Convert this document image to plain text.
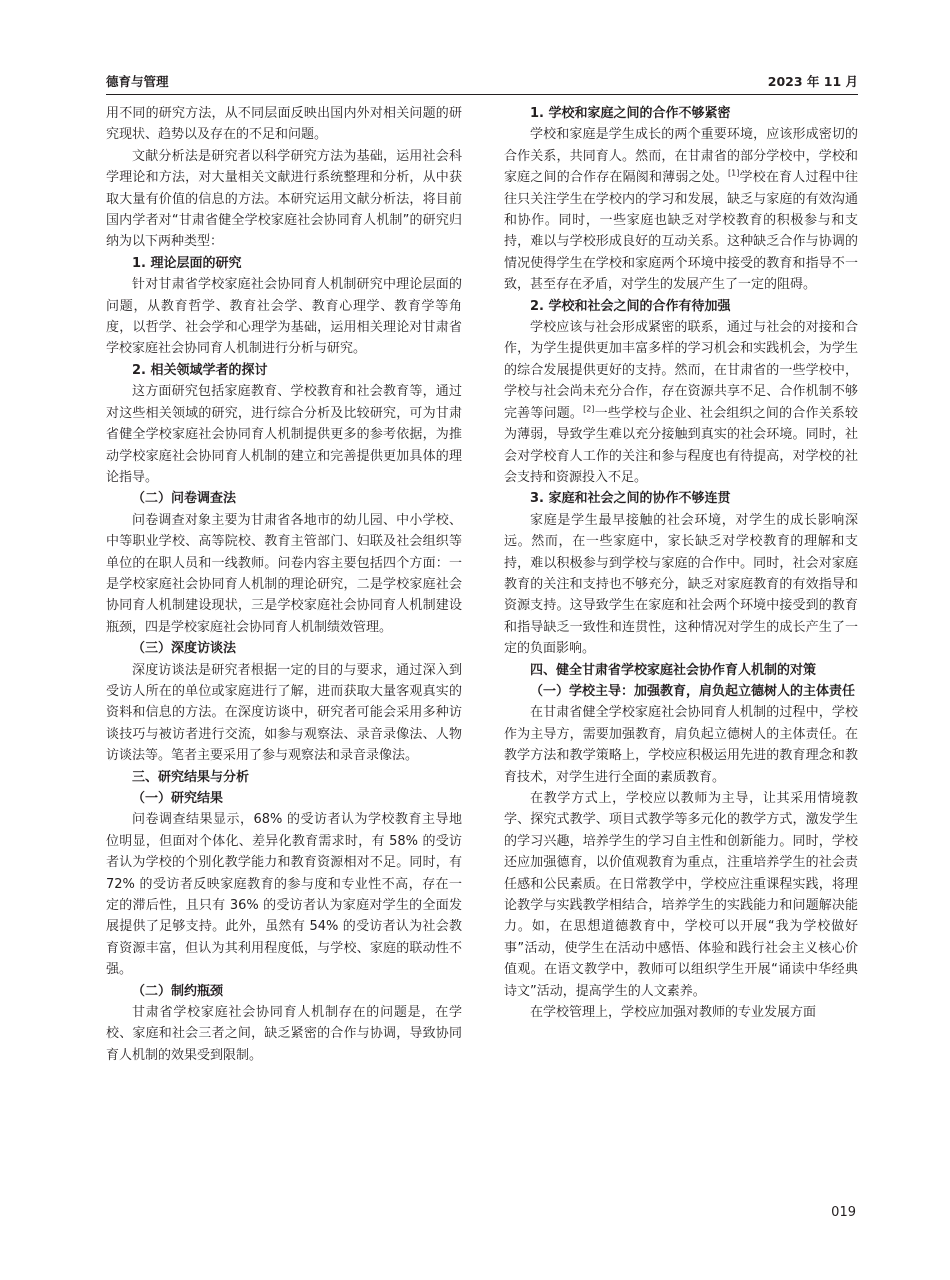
德育与管理	2023 年 11 月

用不同的研究方法，从不同层面反映出国内外对相关问题的研究现状、趋势以及存在的不足和问题。

文献分析法是研究者以科学研究方法为基础，运用社会科学理论和方法，对大量相关文献进行系统整理和分析，从中获取大量有价值的信息的方法。本研究运用文献分析法，将目前国内学者对“甘肃省健全学校家庭社会协同育人机制”的研究归纳为以下两种类型：

1. 理论层面的研究

针对甘肃省学校家庭社会协同育人机制研究中理论层面的问题，从教育哲学、教育社会学、教育心理学、教育学等角度，以哲学、社会学和心理学为基础，运用相关理论对甘肃省学校家庭社会协同育人机制进行分析与研究。

2. 相关领域学者的探讨

这方面研究包括家庭教育、学校教育和社会教育等，通过对这些相关领域的研究，进行综合分析及比较研究，可为甘肃省健全学校家庭社会协同育人机制提供更多的参考依据，为推动学校家庭社会协同育人机制的建立和完善提供更加具体的理论指导。

（二）问卷调查法

问卷调查对象主要为甘肃省各地市的幼儿园、中小学校、中等职业学校、高等院校、教育主管部门、妇联及社会组织等单位的在职人员和一线教师。问卷内容主要包括四个方面：一是学校家庭社会协同育人机制的理论研究，二是学校家庭社会协同育人机制建设现状，三是学校家庭社会协同育人机制建设瓶颈，四是学校家庭社会协同育人机制绩效管理。

（三）深度访谈法

深度访谈法是研究者根据一定的目的与要求，通过深入到受访人所在的单位或家庭进行了解，进而获取大量客观真实的资料和信息的方法。在深度访谈中，研究者可能会采用多种访谈技巧与被访者进行交流，如参与观察法、录音录像法、人物访谈法等。笔者主要采用了参与观察法和录音录像法。

三、研究结果与分析
（一）研究结果

问卷调查结果显示，68% 的受访者认为学校教育主导地位明显，但面对个体化、差异化教育需求时，有 58% 的受访者认为学校的个别化教学能力和教育资源相对不足。同时，有 72% 的受访者反映家庭教育的参与度和专业性不高，存在一定的滞后性，且只有 36% 的受访者认为家庭对学生的全面发展提供了足够支持。此外，虽然有 54% 的受访者认为社会教育资源丰富，但认为其利用程度低，与学校、家庭的联动性不强。

（二）制约瓶颈

甘肃省学校家庭社会协同育人机制存在的问题是，在学校、家庭和社会三者之间，缺乏紧密的合作与协调，导致协同育人机制的效果受到限制。

1. 学校和家庭之间的合作不够紧密

学校和家庭是学生成长的两个重要环境，应该形成密切的合作关系，共同育人。然而，在甘肃省的部分学校中，学校和家庭之间的合作存在隔阂和薄弱之处。[1]学校在育人过程中往往只关注学生在学校内的学习和发展，缺乏与家庭的有效沟通和协作。同时，一些家庭也缺乏对学校教育的积极参与和支持，难以与学校形成良好的互动关系。这种缺乏合作与协调的情况使得学生在学校和家庭两个环境中接受的教育和指导不一致，甚至存在矛盾，对学生的发展产生了一定的阻碍。

2. 学校和社会之间的合作有待加强

学校应该与社会形成紧密的联系，通过与社会的对接和合作，为学生提供更加丰富多样的学习机会和实践机会，为学生的综合发展提供更好的支持。然而，在甘肃省的一些学校中，学校与社会尚未充分合作，存在资源共享不足、合作机制不够完善等问题。[2]一些学校与企业、社会组织之间的合作关系较为薄弱，导致学生难以充分接触到真实的社会环境。同时，社会对学校育人工作的关注和参与程度也有待提高，对学校的社会支持和资源投入不足。

3. 家庭和社会之间的协作不够连贯

家庭是学生最早接触的社会环境，对学生的成长影响深远。然而，在一些家庭中，家长缺乏对学校教育的理解和支持，难以积极参与到学校与家庭的合作中。同时，社会对家庭教育的关注和支持也不够充分，缺乏对家庭教育的有效指导和资源支持。这导致学生在家庭和社会两个环境中接受到的教育和指导缺乏一致性和连贯性，这种情况对学生的成长产生了一定的负面影响。

四、健全甘肃省学校家庭社会协作育人机制的对策
（一）学校主导：加强教育，肩负起立德树人的主体责任

在甘肃省健全学校家庭社会协同育人机制的过程中，学校作为主导方，需要加强教育，肩负起立德树人的主体责任。在教学方法和教学策略上，学校应积极运用先进的教育理念和教育技术，对学生进行全面的素质教育。

在教学方式上，学校应以教师为主导，让其采用情境教学、探究式教学、项目式教学等多元化的教学方式，激发学生的学习兴趣，培养学生的学习自主性和创新能力。同时，学校还应加强德育，以价值观教育为重点，注重培养学生的社会责任感和公民素质。在日常教学中，学校应注重课程实践，将理论教学与实践教学相结合，培养学生的实践能力和问题解决能力。如，在思想道德教育中，学校可以开展“我为学校做好事”活动，使学生在活动中感悟、体验和践行社会主义核心价值观。在语文教学中，教师可以组织学生开展“诵读中华经典诗文”活动，提高学生的人文素养。

在学校管理上，学校应加强对教师的专业发展方面

019
